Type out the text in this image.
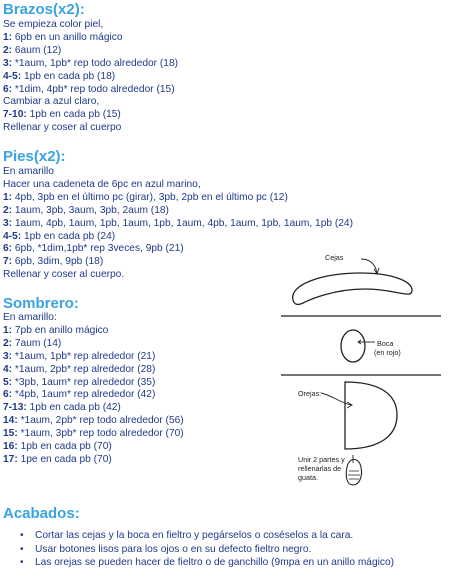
Brazos(x2):
Se empieza color piel,
1: 6pb en un anillo mágico
2: 6aum (12)
3: *1aum, 1pb* rep todo alrededor (18)
4-5: 1pb en cada pb (18)
6: *1dim, 4pb* rep todo alrededor (15)
Cambiar a azul claro,
7-10: 1pb en cada pb (15)
Rellenar y coser al cuerpo
Pies(x2):
En amarillo
Hacer una cadeneta de 6pc en azul marino,
1: 4pb, 3pb en el último pc (girar), 3pb, 2pb en el último pc (12)
2: 1aum, 3pb, 3aum, 3pb, 2aum (18)
3: 1aum, 4pb, 1aum, 1pb, 1aum, 1pb, 1aum, 4pb, 1aum, 1pb, 1aum, 1pb (24)
4-5: 1pb en cada pb (24)
6: 6pb, *1dim,1pb* rep 3veces, 9pb (21)
7: 6pb, 3dim, 9pb (18)
Rellenar y coser al cuerpo.
Sombrero:
En amarillo:
1: 7pb en anillo mágico
2: 7aum (14)
3: *1aum, 1pb* rep alrededor (21)
4: *1aum, 2pb* rep alrededor (28)
5: *3pb, 1aum* rep alrededor (35)
6: *4pb, 1aum* rep alrededor (42)
7-13: 1pb en cada pb (42)
14: *1aum, 2pb* rep todo alrededor (56)
15: *1aum, 3pb* rep todo alrededor (70)
16: 1pb en cada pb (70)
17: 1pe en cada pb (70)
Acabados:
• Cortar las cejas y la boca en fieltro y pegárselos o coséselos a la cara.
• Usar botones lisos para los ojos o en su defecto fieltro negro.
• Las orejas se pueden hacer de fieltro o de ganchillo (9mpa en un anillo mágico)
Cejas
Boca
(en rojo)
Orejas:
Unir 2 partes y
rellenarlas de
guata.
